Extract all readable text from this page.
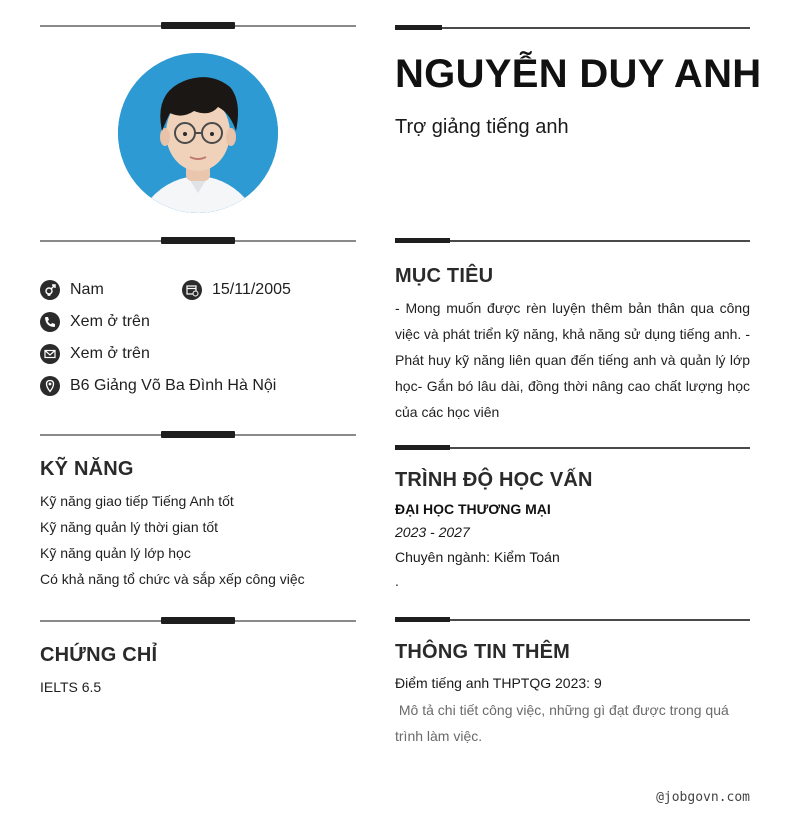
Nam	15/11/2005
Xem ở trên
Xem ở trên
B6 Giảng Võ Ba Đình Hà Nội
KỸ NĂNG
Kỹ năng giao tiếp Tiếng Anh tốt
Kỹ năng quản lý thời gian tốt
Kỹ năng quản lý lớp học
Có khả năng tổ chức và sắp xếp công việc
CHỨNG CHỈ
IELTS 6.5
NGUYỄN DUY ANH
Trợ giảng tiếng anh
MỤC TIÊU
- Mong muốn được rèn luyện thêm bản thân qua công việc và phát triển kỹ năng, khả năng sử dụng tiếng anh. - Phát huy kỹ năng liên quan đến tiếng anh và quản lý lớp học- Gắn bó lâu dài, đồng thời nâng cao chất lượng học của các học viên
TRÌNH ĐỘ HỌC VẤN
ĐẠI HỌC THƯƠNG MẠI
2023 - 2027
Chuyên ngành: Kiểm Toán
.
THÔNG TIN THÊM
Điểm tiếng anh THPTQG 2023: 9
Mô tả chi tiết công việc, những gì đạt được trong quá trình làm việc.
@jobgovn.com
